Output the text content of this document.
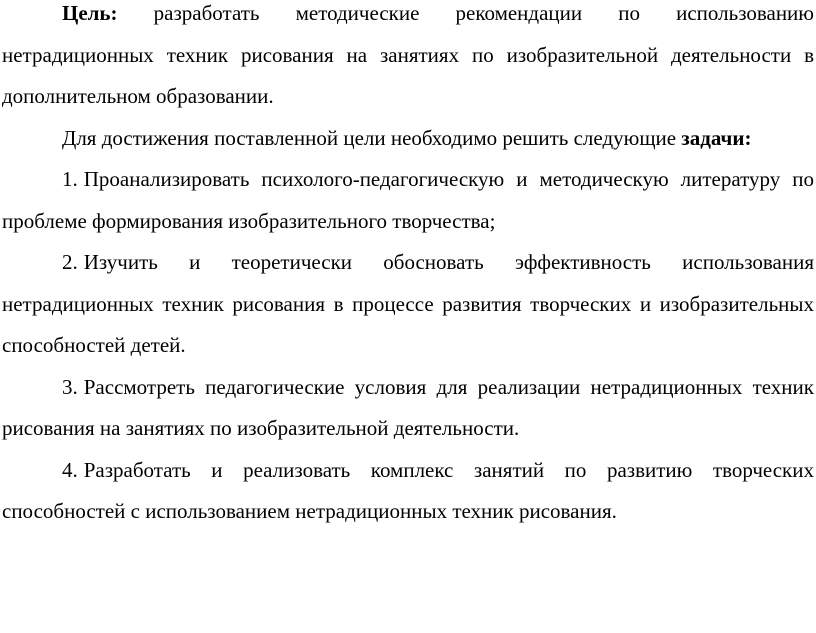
Цель: разработать методические рекомендации по использованию нетрадиционных техник рисования на занятиях по изобразительной деятельности в дополнительном образовании.

Для достижения поставленной цели необходимо решить следующие задачи:

1. Проанализировать психолого-педагогическую и методическую литературу по проблеме формирования изобразительного творчества;

2. Изучить и теоретически обосновать эффективность использования нетрадиционных техник рисования в процессе развития творческих и изобразительных способностей детей.

3. Рассмотреть педагогические условия для реализации нетрадиционных техник рисования на занятиях по изобразительной деятельности.

4. Разработать и реализовать комплекс занятий по развитию творческих способностей с использованием нетрадиционных техник рисования.
